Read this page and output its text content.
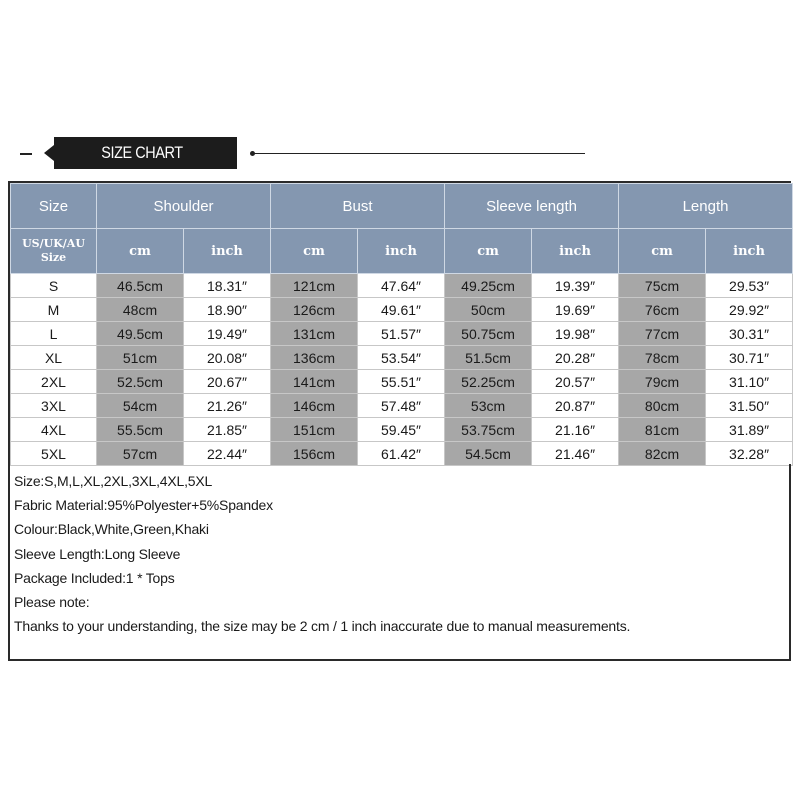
SIZE CHART
Size	Shoulder		Bust		Sleeve length		Length	

US/UK/AU
Size	cm	inch	cm	inch	cm	inch	cm	inch
S	46.5cm	18.31″	121cm	47.64″	49.25cm	19.39″	75cm	29.53″
M	48cm	18.90″	126cm	49.61″	50cm	19.69″	76cm	29.92″
L	49.5cm	19.49″	131cm	51.57″	50.75cm	19.98″	77cm	30.31″
XL	51cm	20.08″	136cm	53.54″	51.5cm	20.28″	78cm	30.71″
2XL	52.5cm	20.67″	141cm	55.51″	52.25cm	20.57″	79cm	31.10″
3XL	54cm	21.26″	146cm	57.48″	53cm	20.87″	80cm	31.50″
4XL	55.5cm	21.85″	151cm	59.45″	53.75cm	21.16″	81cm	31.89″
5XL	57cm	22.44″	156cm	61.42″	54.5cm	21.46″	82cm	32.28″
Size:S,M,L,XL,2XL,3XL,4XL,5XL
Fabric Material:95%Polyester+5%Spandex
Colour:Black,White,Green,Khaki
Sleeve Length:Long Sleeve
Package Included:1 * Tops
Please note:
Thanks to your understanding, the size may be 2 cm / 1 inch inaccurate due to manual measurements.
